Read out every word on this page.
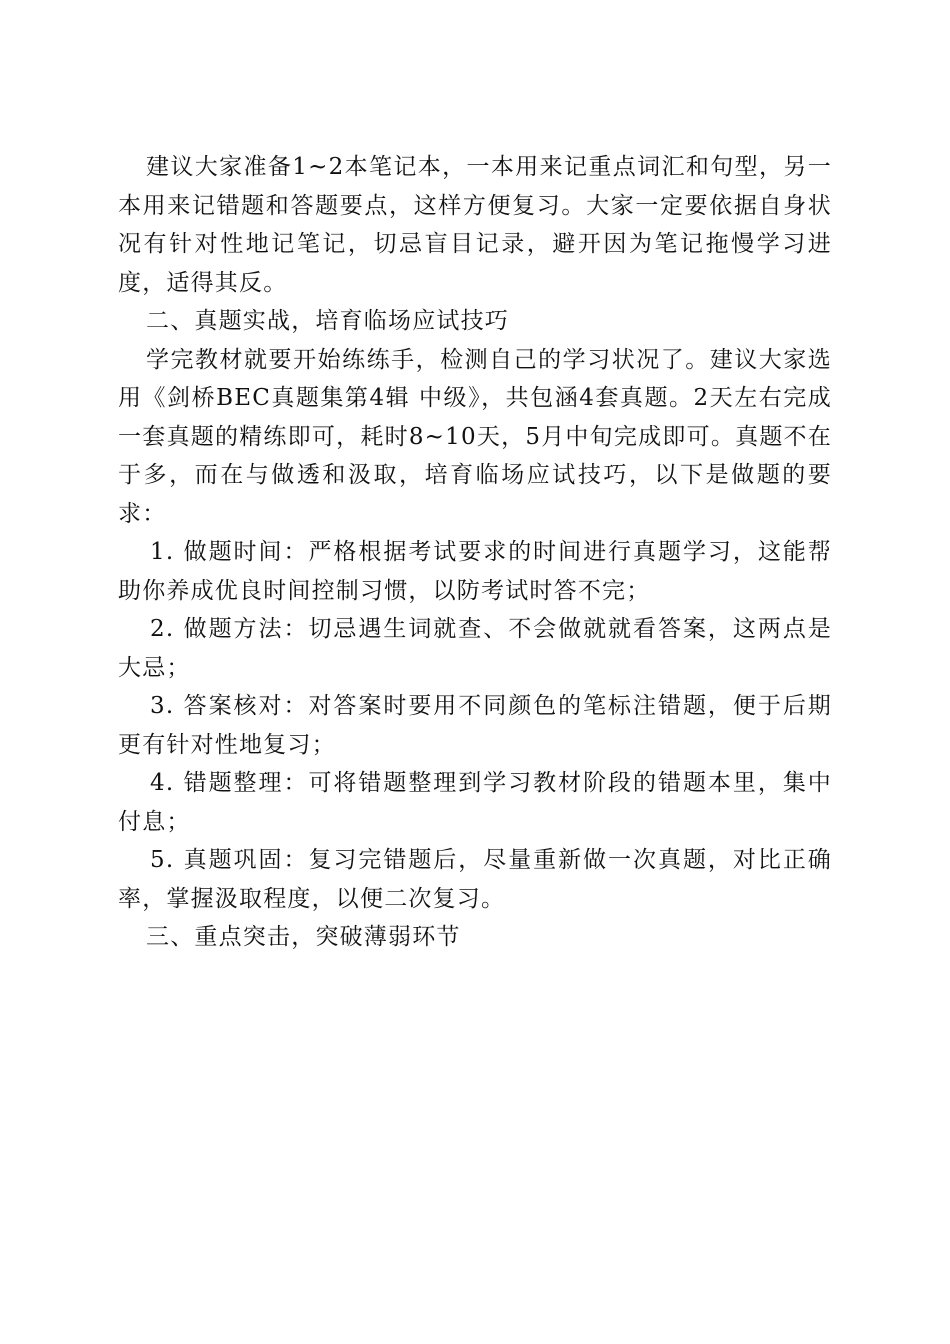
建议大家准备1~2本笔记本，一本用来记重点词汇和句型，另一本用来记错题和答题要点，这样方便复习。大家一定要依据自身状况有针对性地记笔记，切忌盲目记录，避开因为笔记拖慢学习进度，适得其反。

二、真题实战，培育临场应试技巧

学完教材就要开始练练手，检测自己的学习状况了。建议大家选用《剑桥BEC真题集第4辑 中级》，共包涵4套真题。2天左右完成一套真题的精练即可，耗时8~10天，5月中旬完成即可。真题不在于多，而在与做透和汲取，培育临场应试技巧，以下是做题的要求：

1. 做题时间：严格根据考试要求的时间进行真题学习，这能帮助你养成优良时间控制习惯，以防考试时答不完；

2. 做题方法：切忌遇生词就查、不会做就就看答案，这两点是大忌；

3. 答案核对：对答案时要用不同颜色的笔标注错题，便于后期更有针对性地复习；

4. 错题整理：可将错题整理到学习教材阶段的错题本里，集中付息；

5. 真题巩固：复习完错题后，尽量重新做一次真题，对比正确率，掌握汲取程度，以便二次复习。

三、重点突击，突破薄弱环节
